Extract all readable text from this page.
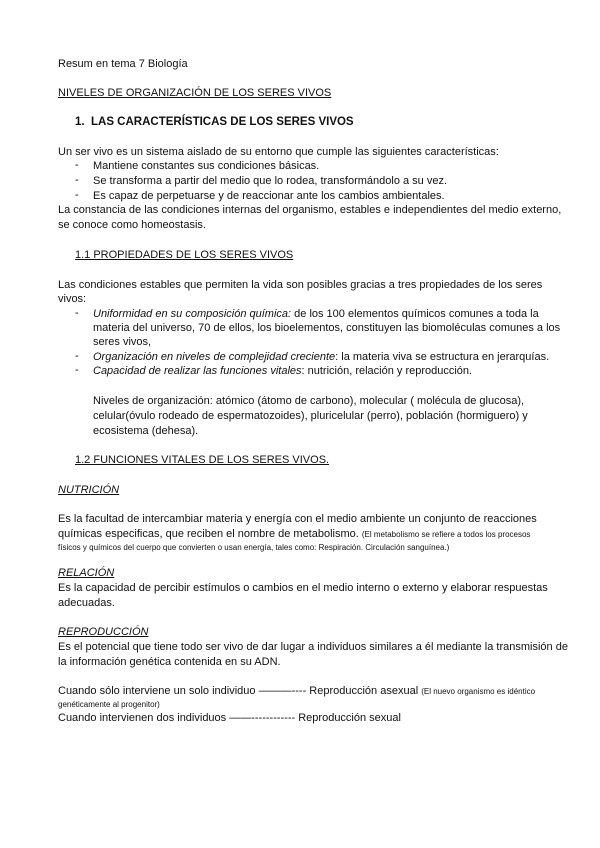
Resum en tema 7 Biología
NIVELES DE ORGANIZACIÓN DE LOS SERES VIVOS
1. LAS CARACTERÍSTICAS DE LOS SERES VIVOS
Un ser vivo es un sistema aislado de su entorno que cumple las siguientes características:
- Mantiene constantes sus condiciones básicas.
- Se transforma a partir del medio que lo rodea, transformándolo a su vez.
- Es capaz de perpetuarse y de reaccionar ante los cambios ambientales.
La constancia de las condiciones internas del organismo, estables e independientes del medio externo,
se conoce como homeostasis.
1.1 PROPIEDADES DE LOS SERES VIVOS
Las condiciones estables que permiten la vida son posibles gracias a tres propiedades de los seres
vivos:
- Uniformidad en su composición química: de los 100 elementos químicos comunes a toda la
materia del universo, 70 de ellos, los bioelementos, constituyen las biomoléculas comunes a los
seres vivos,
- Organización en niveles de complejidad creciente: la materia viva se estructura en jerarquías.
- Capacidad de realizar las funciones vitales: nutrición, relación y reproducción.
Niveles de organización: atómico (átomo de carbono), molecular ( molécula de glucosa),
celular(óvulo rodeado de espermatozoides), pluricelular (perro), población (hormiguero) y
ecosistema (dehesa).
1.2 FUNCIONES VITALES DE LOS SERES VIVOS.
NUTRICIÓN
Es la facultad de intercambiar materia y energía con el medio ambiente un conjunto de reacciones
químicas especificas, que reciben el nombre de metabolismo. (El metabolismo se refiere a todos los procesos
físicos y químicos del cuerpo que convierten o usan energía, tales como: Respiración. Circulación sanguínea.)
RELACIÓN
Es la capacidad de percibir estímulos o cambios en el medio interno o externo y elaborar respuestas
adecuadas.
REPRODUCCIÓN
Es el potencial que tiene todo ser vivo de dar lugar a individuos similares a él mediante la transmisión de
la información genética contenida en su ADN.
Cuando sólo interviene un solo individuo ———---- Reproducción asexual (El nuevo organismo es idéntico
genéticamente al progenitor)
Cuando intervienen dos individuos ——------------ Reproducción sexual
